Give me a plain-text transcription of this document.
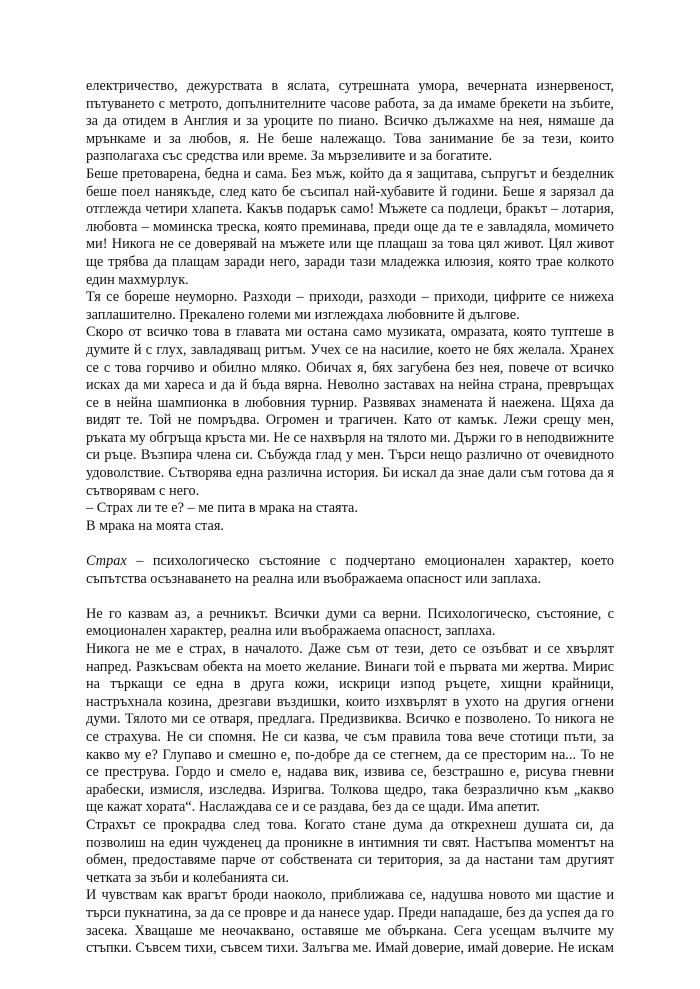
електричество, дежурствата в яслата, сутрешната умора, вечерната изнервеност, пътуването с метрото, допълнителните часове работа, за да имаме брекети на зъбите, за да отидем в Англия и за уроците по пиано. Всичко дължахме на нея, нямаше да мрънкаме и за любов, я. Не беше належащо. Това занимание бе за тези, които разполагаха със средства или време. За мързеливите и за богатите.

Беше претоварена, бедна и сама. Без мъж, който да я защитава, съпругът и безделник беше поел нанякъде, след като бе съсипал най-хубавите й години. Беше я зарязал да отглежда четири хлапета. Какъв подарък само! Мъжете са подлеци, бракът – лотария, любовта – моминска треска, която преминава, преди още да те е завладяла, момичето ми! Никога не се доверявай на мъжете или ще плащаш за това цял живот. Цял живот ще трябва да плащам заради него, заради тази младежка илюзия, която трае колкото един махмурлук.

Тя се бореше неуморно. Разходи – приходи, разходи – приходи, цифрите се нижеха заплашително. Прекалено големи ми изглеждаха любовните й дългове.

Скоро от всичко това в главата ми остана само музиката, омразата, която туптеше в думите й с глух, завладяващ ритъм. Учех се на насилие, което не бях желала. Хранех се с това горчиво и обилно мляко. Обичах я, бях загубена без нея, повече от всичко исках да ми хареса и да й бъда вярна. Неволно заставах на нейна страна, превръщах се в нейна шампионка в любовния турнир. Развявах знамената й наежена. Щяха да видят те. Той не помръдва. Огромен и трагичен. Като от камък. Лежи срещу мен, ръката му обгръща кръста ми. Не се нахвърля на тялото ми. Държи го в неподвижните си ръце. Възпира члена си. Събужда глад у мен. Търси нещо различно от очевидното удоволствие. Сътворява една различна история. Би искал да знае дали съм готова да я сътворявам с него.

– Страх ли те е? – ме пита в мрака на стаята.

В мрака на моята стая.

Страх – психологическо състояние с подчертано емоционален характер, което съпътства осъзнаването на реална или въображаема опасност или заплаха.

Не го казвам аз, а речникът. Всички думи са верни. Психологическо, състояние, с емоционален характер, реална или въображаема опасност, заплаха.

Никога не ме е страх, в началото. Даже съм от тези, дето се озъбват и се хвърлят напред. Разкъсвам обекта на моето желание. Винаги той е първата ми жертва. Мирис на търкащи се една в друга кожи, искрици изпод ръцете, хищни крайници, настръхнала козина, дрезгави въздишки, които изхвърлят в ухото на другия огнени думи. Тялото ми се отваря, предлага. Предизвиква. Всичко е позволено. То никога не се страхува. Не си спомня. Не си казва, че съм правила това вече стотици пъти, за какво му е? Глупаво и смешно е, по-добре да се стегнем, да се престорим на... То не се преструва. Гордо и смело е, надава вик, извива се, безстрашно е, рисува гневни арабески, измисля, изследва. Изригва. Толкова щедро, така безразлично към „какво ще кажат хората“. Наслаждава се и се раздава, без да се щади. Има апетит.

Страхът се прокрадва след това. Когато стане дума да открехнеш душата си, да позволиш на един чужденец да проникне в интимния ти свят. Настъпва моментът на обмен, предоставяме парче от собствената си територия, за да настани там другият четката за зъби и колебанията си.

И чувствам как врагът броди наоколо, приближава се, надушва новото ми щастие и търси пукнатина, за да се провре и да нанесе удар. Преди нападаше, без да успея да го засека. Хващаше ме неочаквано, оставяше ме объркана. Сега усещам вълчите му стъпки. Съвсем тихи, съвсем тихи. Залъгва ме. Имай доверие, имай доверие. Не искам
